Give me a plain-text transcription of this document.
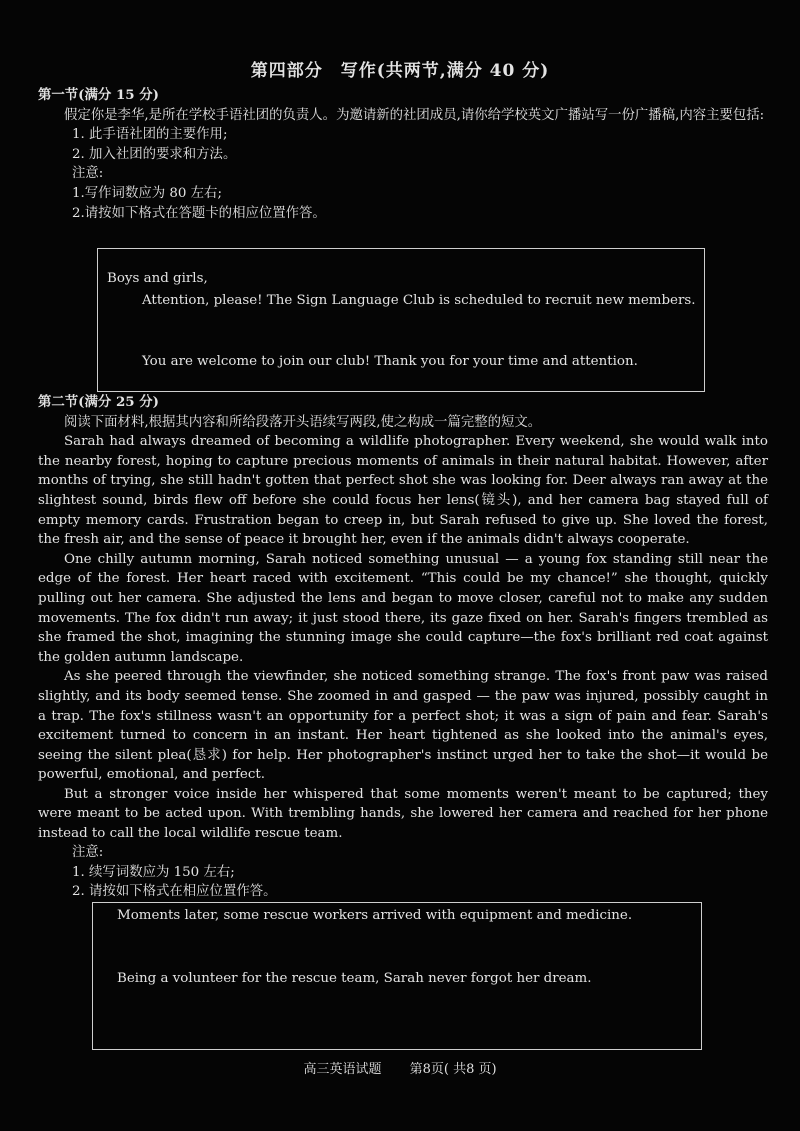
第四部分　写作(共两节,满分 40 分)
第一节(满分 15 分)
假定你是李华,是所在学校手语社团的负责人。为邀请新的社团成员,请你给学校英文广播站写一份广播稿,内容主要包括:
1. 此手语社团的主要作用;
2. 加入社团的要求和方法。
注意:
1.写作词数应为 80 左右;
2.请按如下格式在答题卡的相应位置作答。

Boys and girls,

Attention, please! The Sign Language Club is scheduled to recruit new members.

You are welcome to join our club! Thank you for your time and attention.

第二节(满分 25 分)
阅读下面材料,根据其内容和所给段落开头语续写两段,使之构成一篇完整的短文。
Sarah had always dreamed of becoming a wildlife photographer. Every weekend, she would walk into the nearby forest, hoping to capture precious moments of animals in their natural habitat. However, after months of trying, she still hadn't gotten that perfect shot she was looking for. Deer always ran away at the slightest sound, birds flew off before she could focus her lens(镜头), and her camera bag stayed full of empty memory cards. Frustration began to creep in, but Sarah refused to give up. She loved the forest, the fresh air, and the sense of peace it brought her, even if the animals didn't always cooperate.
One chilly autumn morning, Sarah noticed something unusual — a young fox standing still near the edge of the forest. Her heart raced with excitement. “This could be my chance!” she thought, quickly pulling out her camera. She adjusted the lens and began to move closer, careful not to make any sudden movements. The fox didn't run away; it just stood there, its gaze fixed on her. Sarah's fingers trembled as she framed the shot, imagining the stunning image she could capture—the fox's brilliant red coat against the golden autumn landscape.
As she peered through the viewfinder, she noticed something strange. The fox's front paw was raised slightly, and its body seemed tense. She zoomed in and gasped — the paw was injured, possibly caught in a trap. The fox's stillness wasn't an opportunity for a perfect shot; it was a sign of pain and fear. Sarah's excitement turned to concern in an instant. Her heart tightened as she looked into the animal's eyes, seeing the silent plea(恳求) for help. Her photographer's instinct urged her to take the shot—it would be powerful, emotional, and perfect.
But a stronger voice inside her whispered that some moments weren't meant to be captured; they were meant to be acted upon. With trembling hands, she lowered her camera and reached for her phone instead to call the local wildlife rescue team.
注意:
1. 续写词数应为 150 左右;
2. 请按如下格式在相应位置作答。

Moments later, some rescue workers arrived with equipment and medicine.

Being a volunteer for the rescue team, Sarah never forgot her dream.

高三英语试题 第8页( 共8 页)
